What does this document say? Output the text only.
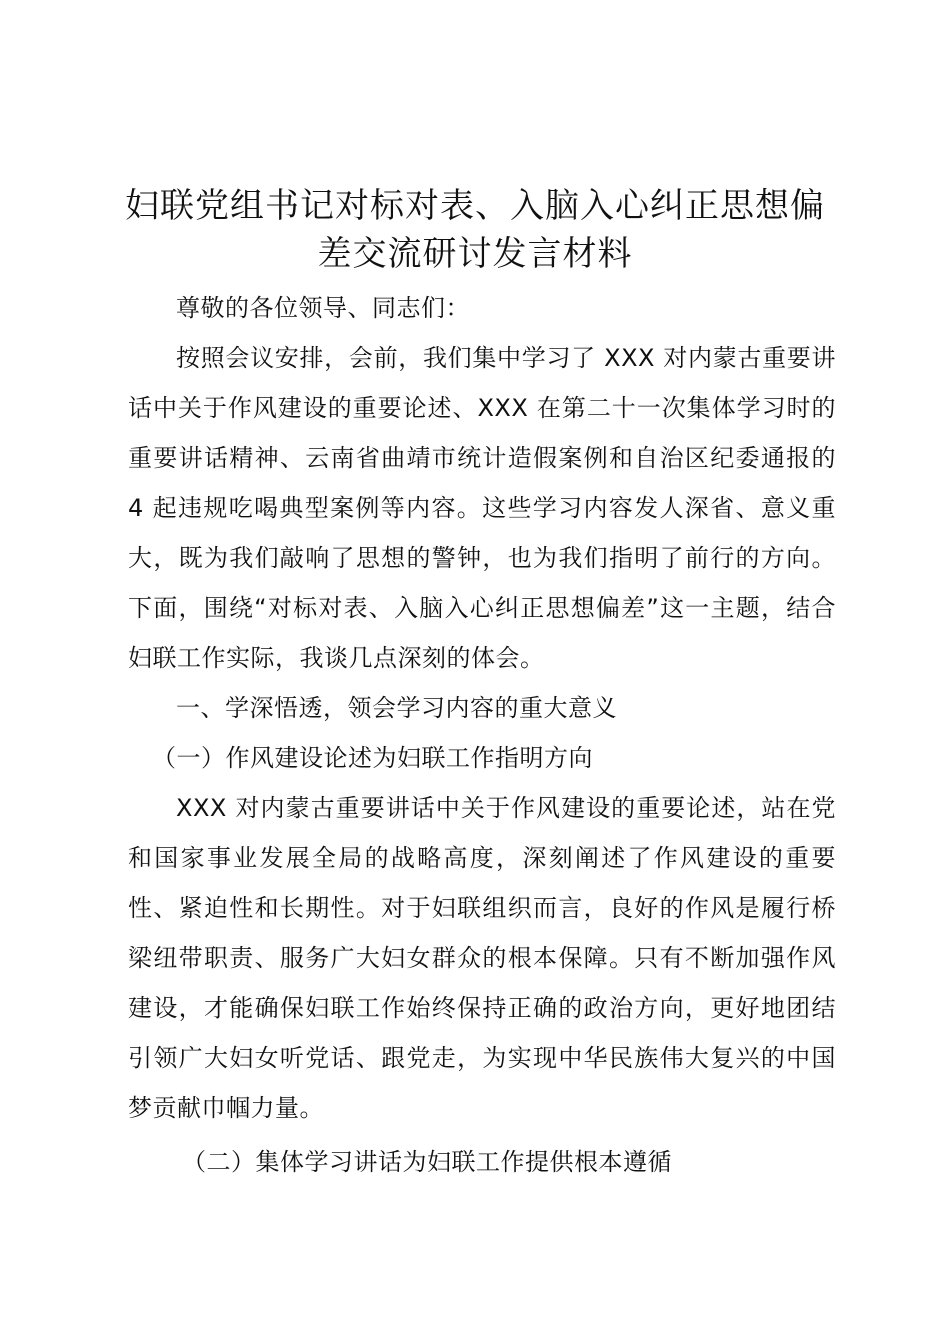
妇联党组书记对标对表、入脑入心纠正思想偏
差交流研讨发言材料

尊敬的各位领导、同志们：

按照会议安排，会前，我们集中学习了 XXX 对内蒙古重要讲话中关于作风建设的重要论述、XXX 在第二十一次集体学习时的重要讲话精神、云南省曲靖市统计造假案例和自治区纪委通报的 4 起违规吃喝典型案例等内容。这些学习内容发人深省、意义重大，既为我们敲响了思想的警钟，也为我们指明了前行的方向。下面，围绕“对标对表、入脑入心纠正思想偏差”这一主题，结合妇联工作实际，我谈几点深刻的体会。

一、学深悟透，领会学习内容的重大意义

（一）作风建设论述为妇联工作指明方向

XXX 对内蒙古重要讲话中关于作风建设的重要论述，站在党和国家事业发展全局的战略高度，深刻阐述了作风建设的重要性、紧迫性和长期性。对于妇联组织而言，良好的作风是履行桥梁纽带职责、服务广大妇女群众的根本保障。只有不断加强作风建设，才能确保妇联工作始终保持正确的政治方向，更好地团结引领广大妇女听党话、跟党走，为实现中华民族伟大复兴的中国梦贡献巾帼力量。

（二）集体学习讲话为妇联工作提供根本遵循
